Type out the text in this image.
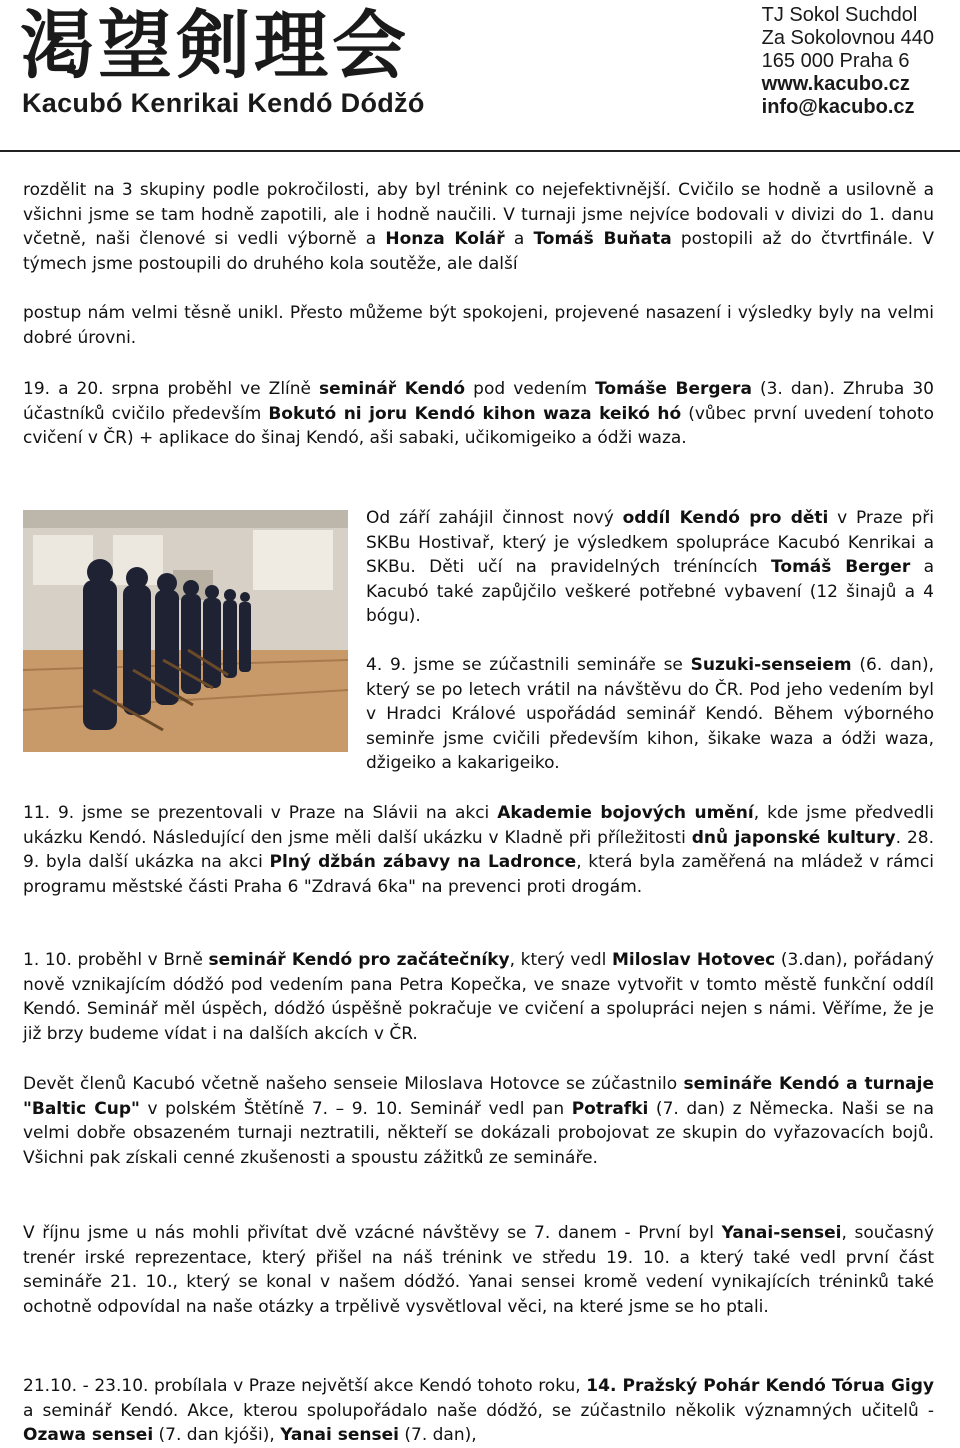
渇望剣理会
Kacubó Kenrikai Kendó Dódžó
TJ Sokol Suchdol
Za Sokolovnou 440
165 000 Praha 6
www.kacubo.cz
info@kacubo.cz

rozdělit na 3 skupiny podle pokročilosti, aby byl trénink co nejefektivnější. Cvičilo se hodně a usilovně a všichni jsme se tam hodně zapotili, ale i hodně naučili. V turnaji jsme nejvíce bodovali v divizi do 1. danu včetně, naši členové si vedli výborně a Honza Kolář a Tomáš Buňata postopili až do čtvrtfinále. V týmech jsme postoupili do druhého kola soutěže, ale další

postup nám velmi těsně unikl. Přesto můžeme být spokojeni, projevené nasazení i výsledky byly na velmi dobré úrovni.

19. a 20. srpna proběhl ve Zlíně seminář Kendó pod vedením Tomáše Bergera (3. dan). Zhruba 30 účastníků cvičilo především Bokutó ni joru Kendó kihon waza keikó hó (vůbec první uvedení tohoto cvičení v ČR) + aplikace do šinaj Kendó, aši sabaki, učikomigeiko a ódži waza.

Od září zahájil činnost nový oddíl Kendó pro děti v Praze při SKBu Hostivař, který je výsledkem spolupráce Kacubó Kenrikai a SKBu. Děti učí na pravidelných tréníncích Tomáš Berger a Kacubó také zapůjčilo veškeré potřebné vybavení (12 šinajů a 4 bógu).

4. 9. jsme se zúčastnili semináře se Suzuki-senseiem (6. dan), který se po letech vrátil na návštěvu do ČR. Pod jeho vedením byl v Hradci Králové uspořádád seminář Kendó. Během výborného seminře jsme cvičili především kihon, šikake waza a ódži waza, džigeiko a kakarigeiko.

11. 9. jsme se prezentovali v Praze na Slávii na akci Akademie bojových umění, kde jsme předvedli ukázku Kendó. Následující den jsme měli další ukázku v Kladně při příležitosti dnů japonské kultury. 28. 9. byla další ukázka na akci Plný džbán zábavy na Ladronce, která byla zaměřená na mládež v rámci programu městské části Praha 6 "Zdravá 6ka" na prevenci proti drogám.

1. 10. proběhl v Brně seminář Kendó pro začátečníky, který vedl Miloslav Hotovec (3.dan), pořádaný nově vznikajícím dódžó pod vedením pana Petra Kopečka, ve snaze vytvořit v tomto městě funkční oddíl Kendó. Seminář měl úspěch, dódžó úspěšně pokračuje ve cvičení a spolupráci nejen s námi. Věříme, že je již brzy budeme vídat i na dalších akcích v ČR.

Devět členů Kacubó včetně našeho senseie Miloslava Hotovce se zúčastnilo semináře Kendó a turnaje "Baltic Cup" v polském Štětíně 7. – 9. 10. Seminář vedl pan Potrafki (7. dan) z Německa. Naši se na velmi dobře obsazeném turnaji neztratili, někteří se dokázali probojovat ze skupin do vyřazovacích bojů. Všichni pak získali cenné zkušenosti a spoustu zážitků ze semináře.

V říjnu jsme u nás mohli přivítat dvě vzácné návštěvy se 7. danem - První byl Yanai-sensei, současný trenér irské reprezentace, který přišel na náš trénink ve středu 19. 10. a který také vedl první část semináře 21. 10., který se konal v našem dódžó. Yanai sensei kromě vedení vynikajících tréninků také ochotně odpovídal na naše otázky a trpělivě vysvětloval věci, na které jsme se ho ptali.

21.10. - 23.10. probílala v Praze největší akce Kendó tohoto roku, 14. Pražský Pohár Kendó Tórua Gigy a seminář Kendó. Akce, kterou spolupořádalo naše dódžó, se zúčastnilo několik významných učitelů - Ozawa sensei (7. dan kjóši), Yanai sensei (7. dan),
